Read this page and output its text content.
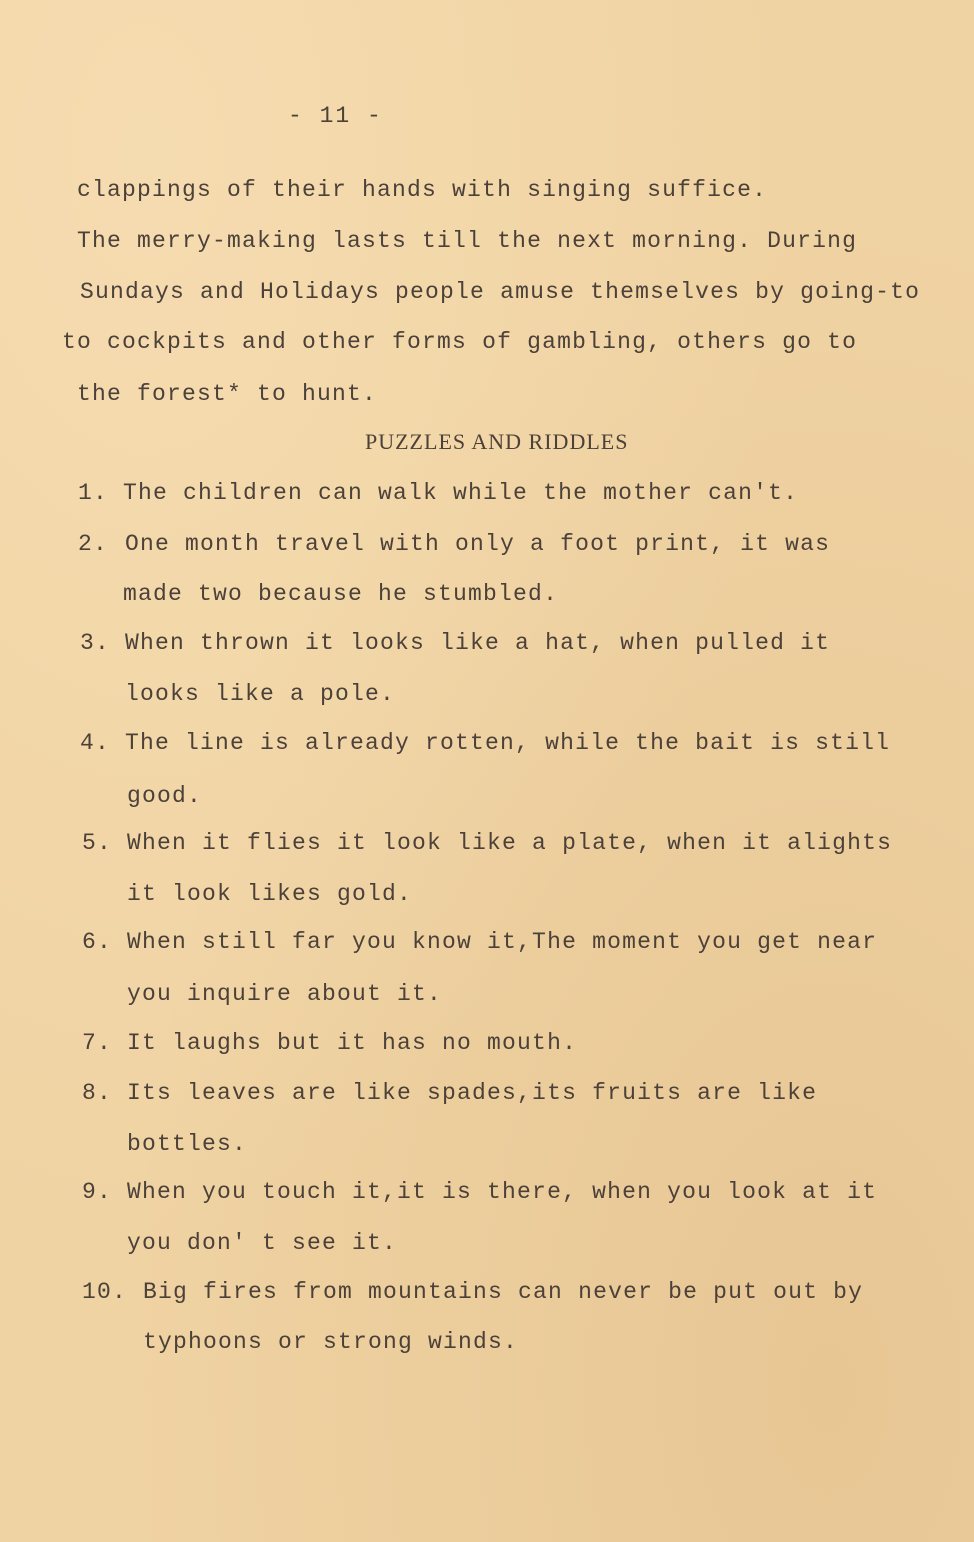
- 11 -
clappings of their hands with singing suffice.
The merry-making lasts till the next morning. During
Sundays and Holidays people amuse themselves by going-to
to cockpits and other forms of gambling, others go to
the forest* to hunt.
PUZZLES AND RIDDLES
1. The children can walk while the mother can't.
2. One month travel with only a foot print, it was
made two because he stumbled.
3. When thrown it looks like a hat, when pulled it
looks like a pole.
4. The line is already rotten, while the bait is still
good.
5. When it flies it look like a plate, when it alights
it look likes gold.
6. When still far you know it,The moment you get near
you inquire about it.
7. It laughs but it has no mouth.
8. Its leaves are like spades,its fruits are like
bottles.
9. When you touch it,it is there, when you look at it
you don' t see it.
10. Big fires from mountains can never be put out by
typhoons or strong winds.
